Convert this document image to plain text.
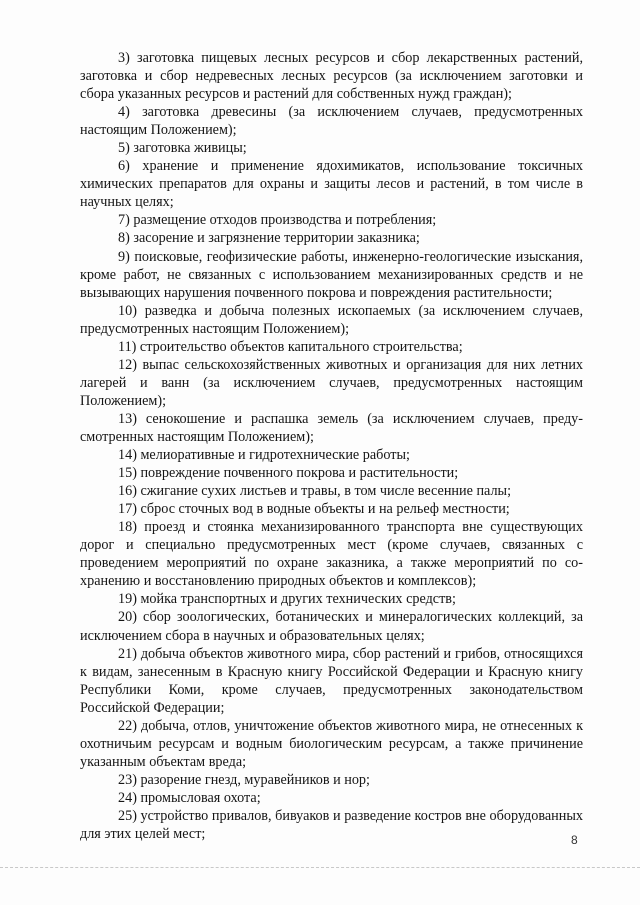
3) заготовка пищевых лесных ресурсов и сбор лекарственных растений, заготовка и сбор недревесных лесных ресурсов (за исключением заготовки и сбора указанных ресурсов и растений для собственных нужд граждан);

4) заготовка древесины (за исключением случаев, предусмотренных настоящим Положением);

5) заготовка живицы;

6) хранение и применение ядохимикатов, использование токсичных химических препаратов для охраны и защиты лесов и растений, в том числе в научных целях;

7) размещение отходов производства и потребления;

8) засорение и загрязнение территории заказника;

9) поисковые, геофизические работы, инженерно-геологические изыскания, кроме работ, не связанных с использованием механизированных средств и не вызывающих нарушения почвенного покрова и повреждения растительности;

10) разведка и добыча полезных ископаемых (за исключением случаев, предусмотренных настоящим Положением);

11) строительство объектов капитального строительства;

12) выпас сельскохозяйственных животных и организация для них летних лагерей и ванн (за исключением случаев, предусмотренных настоящим Положением);

13) сенокошение и распашка земель (за исключением случаев, предусмотренных настоящим Положением);

14) мелиоративные и гидротехнические работы;

15) повреждение почвенного покрова и растительности;

16) сжигание сухих листьев и травы, в том числе весенние палы;

17) сброс сточных вод в водные объекты и на рельеф местности;

18) проезд и стоянка механизированного транспорта вне существующих дорог и специально предусмотренных мест (кроме случаев, связанных с проведением мероприятий по охране заказника, а также мероприятий по сохранению и восстановлению природных объектов и комплексов);

19) мойка транспортных и других технических средств;

20) сбор зоологических, ботанических и минералогических коллекций, за исключением сбора в научных и образовательных целях;

21) добыча объектов животного мира, сбор растений и грибов, относящихся к видам, занесенным в Красную книгу Российской Федерации и Красную книгу Республики Коми, кроме случаев, предусмотренных законодательством Российской Федерации;

22) добыча, отлов, уничтожение объектов животного мира, не отнесенных к охотничьим ресурсам и водным биологическим ресурсам, а также причинение указанным объектам вреда;

23) разорение гнезд, муравейников и нор;

24) промысловая охота;

25) устройство привалов, бивуаков и разведение костров вне оборудованных для этих целей мест;	8
